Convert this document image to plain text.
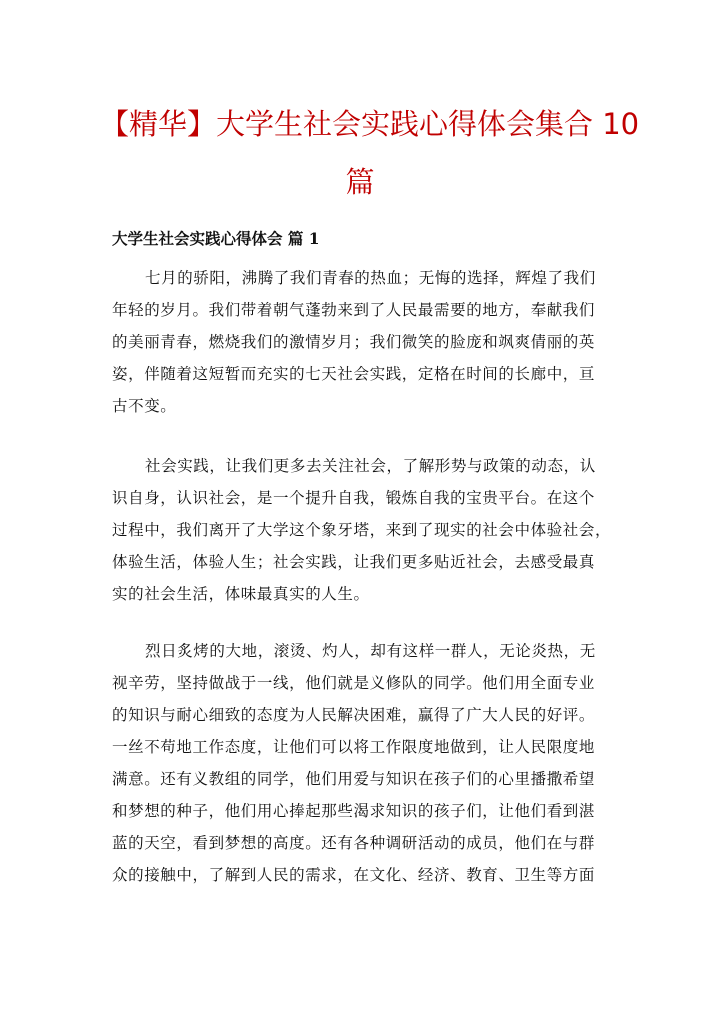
【精华】大学生社会实践心得体会集合 10
篇
大学生社会实践心得体会 篇 1

七月的骄阳，沸腾了我们青春的热血；无悔的选择，辉煌了我们
年轻的岁月。我们带着朝气蓬勃来到了人民最需要的地方，奉献我们
的美丽青春，燃烧我们的激情岁月；我们微笑的脸庞和飒爽倩丽的英
姿，伴随着这短暂而充实的七天社会实践，定格在时间的长廊中，亘
古不变。

社会实践，让我们更多去关注社会，了解形势与政策的动态，认
识自身，认识社会，是一个提升自我，锻炼自我的宝贵平台。在这个
过程中，我们离开了大学这个象牙塔，来到了现实的社会中体验社会，
体验生活，体验人生；社会实践，让我们更多贴近社会，去感受最真
实的社会生活，体味最真实的人生。

烈日炙烤的大地，滚烫、灼人，却有这样一群人，无论炎热，无
视辛劳，坚持做战于一线，他们就是义修队的同学。他们用全面专业
的知识与耐心细致的态度为人民解决困难，赢得了广大人民的好评。
一丝不苟地工作态度，让他们可以将工作限度地做到，让人民限度地
满意。还有义教组的同学，他们用爱与知识在孩子们的心里播撒希望
和梦想的种子，他们用心捧起那些渴求知识的孩子们，让他们看到湛
蓝的天空，看到梦想的高度。还有各种调研活动的成员，他们在与群
众的接触中，了解到人民的需求，在文化、经济、教育、卫生等方面
